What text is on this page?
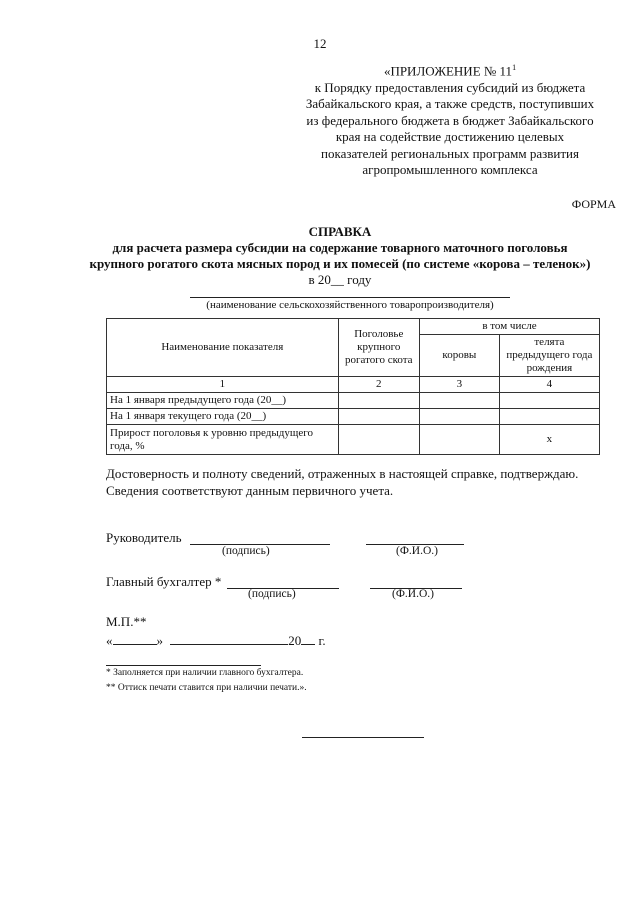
12
«ПРИЛОЖЕНИЕ № $11^1$
к Порядку предоставления субсидий из бюджета
Забайкальского края, а также средств, поступивших
из федерального бюджета в бюджет Забайкальского
края на содействие достижению целевых
показателей региональных программ развития
агропромышленного комплекса
ФОРМА
СПРАВКА
для расчета размера субсидии на содержание товарного маточного поголовья
крупного рогатого скота мясных пород и их помесей (по системе «корова – теленок»)
в 20__ году
(наименование сельскохозяйственного товаропроизводителя)
Наименование показателя	Поголовье крупного рогатого скота	в том числе	
		коровы	телята предыдущего года рождения
1	2	3	4
На 1 января предыдущего года (20__)			
На 1 января текущего года (20__)			
Прирост поголовья к уровню предыдущего года, %			х
Достоверность и полноту сведений, отраженных в настоящей справке, подтверждаю.
Сведения соответствуют данным первичного учета.
Руководитель
(подпись)	(Ф.И.О.)
Главный бухгалтер *
(подпись)	(Ф.И.О.)
М.П.**
«	»	20 г.
* Заполняется при наличии главного бухгалтера.
** Оттиск печати ставится при наличии печати.».
